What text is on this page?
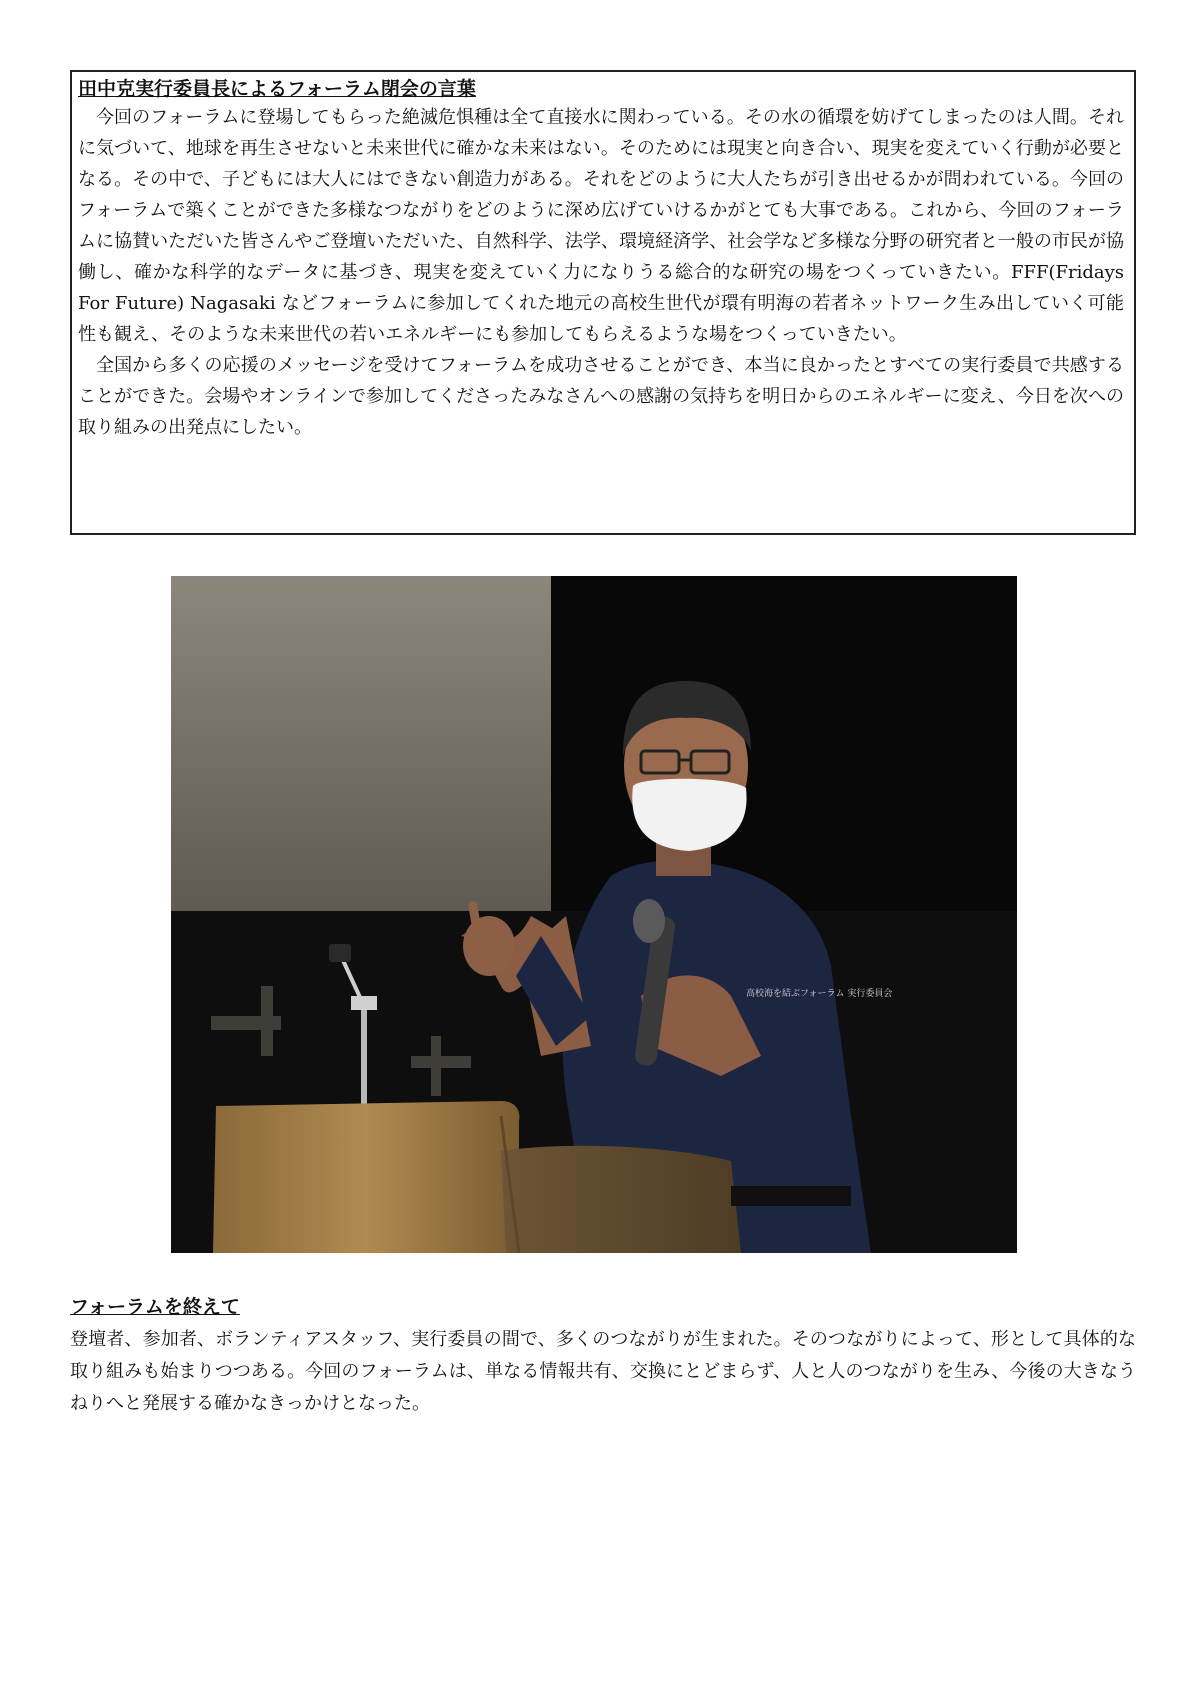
田中克実行委員長によるフォーラム閉会の言葉

今回のフォーラムに登場してもらった絶滅危惧種は全て直接水に関わっている。その水の循環を妨げてしまったのは人間。それに気づいて、地球を再生させないと未来世代に確かな未来はない。そのためには現実と向き合い、現実を変えていく行動が必要となる。その中で、子どもには大人にはできない創造力がある。それをどのように大人たちが引き出せるかが問われている。今回のフォーラムで築くことができた多様なつながりをどのように深め広げていけるかがとても大事である。これから、今回のフォーラムに協賛いただいた皆さんやご登壇いただいた、自然科学、法学、環境経済学、社会学など多様な分野の研究者と一般の市民が協働し、確かな科学的なデータに基づき、現実を変えていく力になりうる総合的な研究の場をつくっていきたい。FFF(Fridays For Future) Nagasaki などフォーラムに参加してくれた地元の高校生世代が環有明海の若者ネットワーク生み出していく可能性も観え、そのような未来世代の若いエネルギーにも参加してもらえるような場をつくっていきたい。

全国から多くの応援のメッセージを受けてフォーラムを成功させることができ、本当に良かったとすべての実行委員で共感することができた。会場やオンラインで参加してくださったみなさんへの感謝の気持ちを明日からのエネルギーに変え、今日を次への取り組みの出発点にしたい。

高校海を結ぶフォーラム 実行委員会
フォーラムを終えて

登壇者、参加者、ボランティアスタッフ、実行委員の間で、多くのつながりが生まれた。そのつながりによって、形として具体的な取り組みも始まりつつある。今回のフォーラムは、単なる情報共有、交換にとどまらず、人と人のつながりを生み、今後の大きなうねりへと発展する確かなきっかけとなった。
